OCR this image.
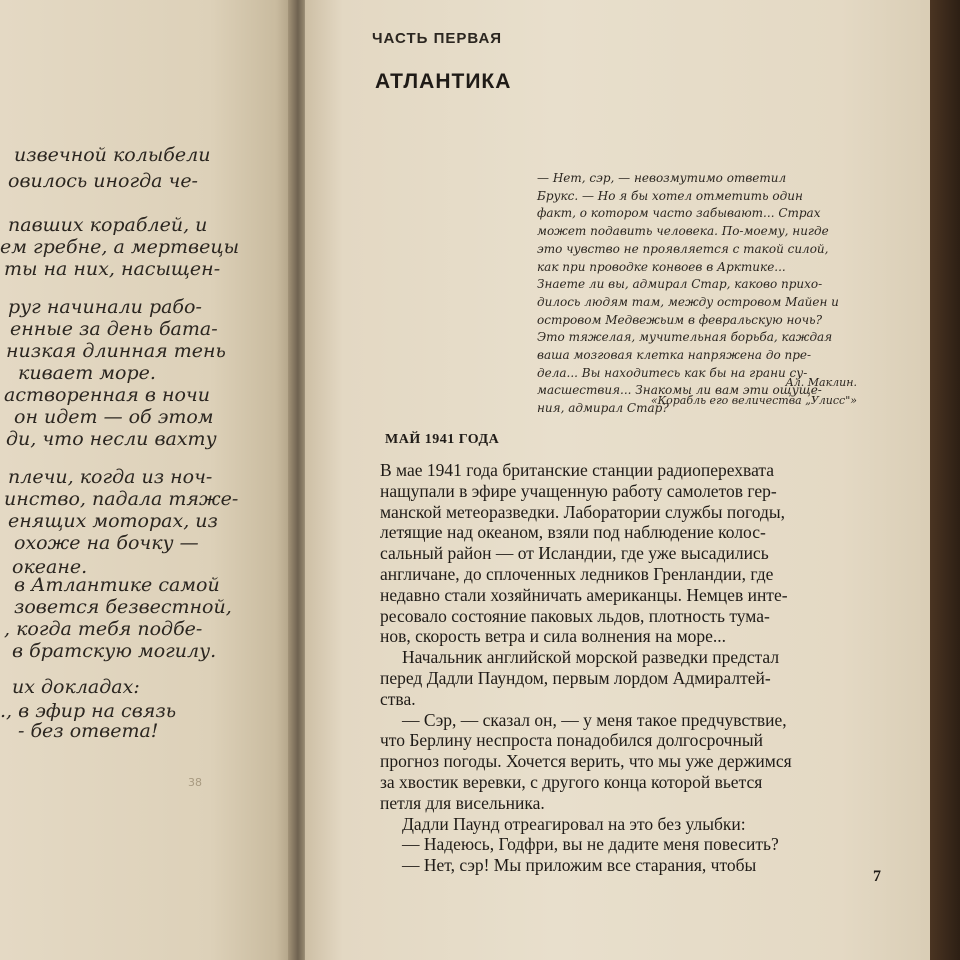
извечной колыбели
овилось иногда че-
павших кораблей, и
ем гребне, а мертвецы
ты на них, насыщен-
руг начинали рабо-
енные за день бата-
низкая длинная тень
кивает море.
астворенная в ночи
он идет — об этом
ди, что несли вахту
плечи, когда из ноч-
инство, падала тяже-
енящих моторах, из
охоже на бочку —
океане.
в Атлантике самой
зовется безвестной,
, когда тебя подбе-
в братскую могилу.
их докладах:
., в эфир на связь
- без ответа!
38
ЧАСТЬ ПЕРВАЯ
АТЛАНТИКА
— Нет, сэр, — невозмутимо ответил
Брукс. — Но я бы хотел отметить один
факт, о котором часто забывают... Страх
может подавить человека. По-моему, нигде
это чувство не проявляется с такой силой,
как при проводке конвоев в Арктике...
Знаете ли вы, адмирал Стар, каково прихо-
дилось людям там, между островом Майен и
островом Медвежьим в февральскую ночь?
Это тяжелая, мучительная борьба, каждая
ваша мозговая клетка напряжена до пре-
дела... Вы находитесь как бы на грани су-
масшествия... Знакомы ли вам эти ощуще-
ния, адмирал Стар?
Ал. Маклин.
«Корабль его величества „Улисс"»
МАЙ 1941 ГОДА
В мае 1941 года британские станции радиоперехвата
нащупали в эфире учащенную работу самолетов гер-
манской метеоразведки. Лаборатории службы погоды,
летящие над океаном, взяли под наблюдение колос-
сальный район — от Исландии, где уже высадились
англичане, до сплоченных ледников Гренландии, где
недавно стали хозяйничать американцы. Немцев инте-
ресовало состояние паковых льдов, плотность тума-
нов, скорость ветра и сила волнения на море...
Начальник английской морской разведки предстал
перед Дадли Паундом, первым лордом Адмиралтей-
ства.
— Сэр, — сказал он, — у меня такое предчувствие,
что Берлину неспроста понадобился долгосрочный
прогноз погоды. Хочется верить, что мы уже держимся
за хвостик веревки, с другого конца которой вьется
петля для висельника.
Дадли Паунд отреагировал на это без улыбки:
— Надеюсь, Годфри, вы не дадите меня повесить?
— Нет, сэр! Мы приложим все старания, чтобы
7
